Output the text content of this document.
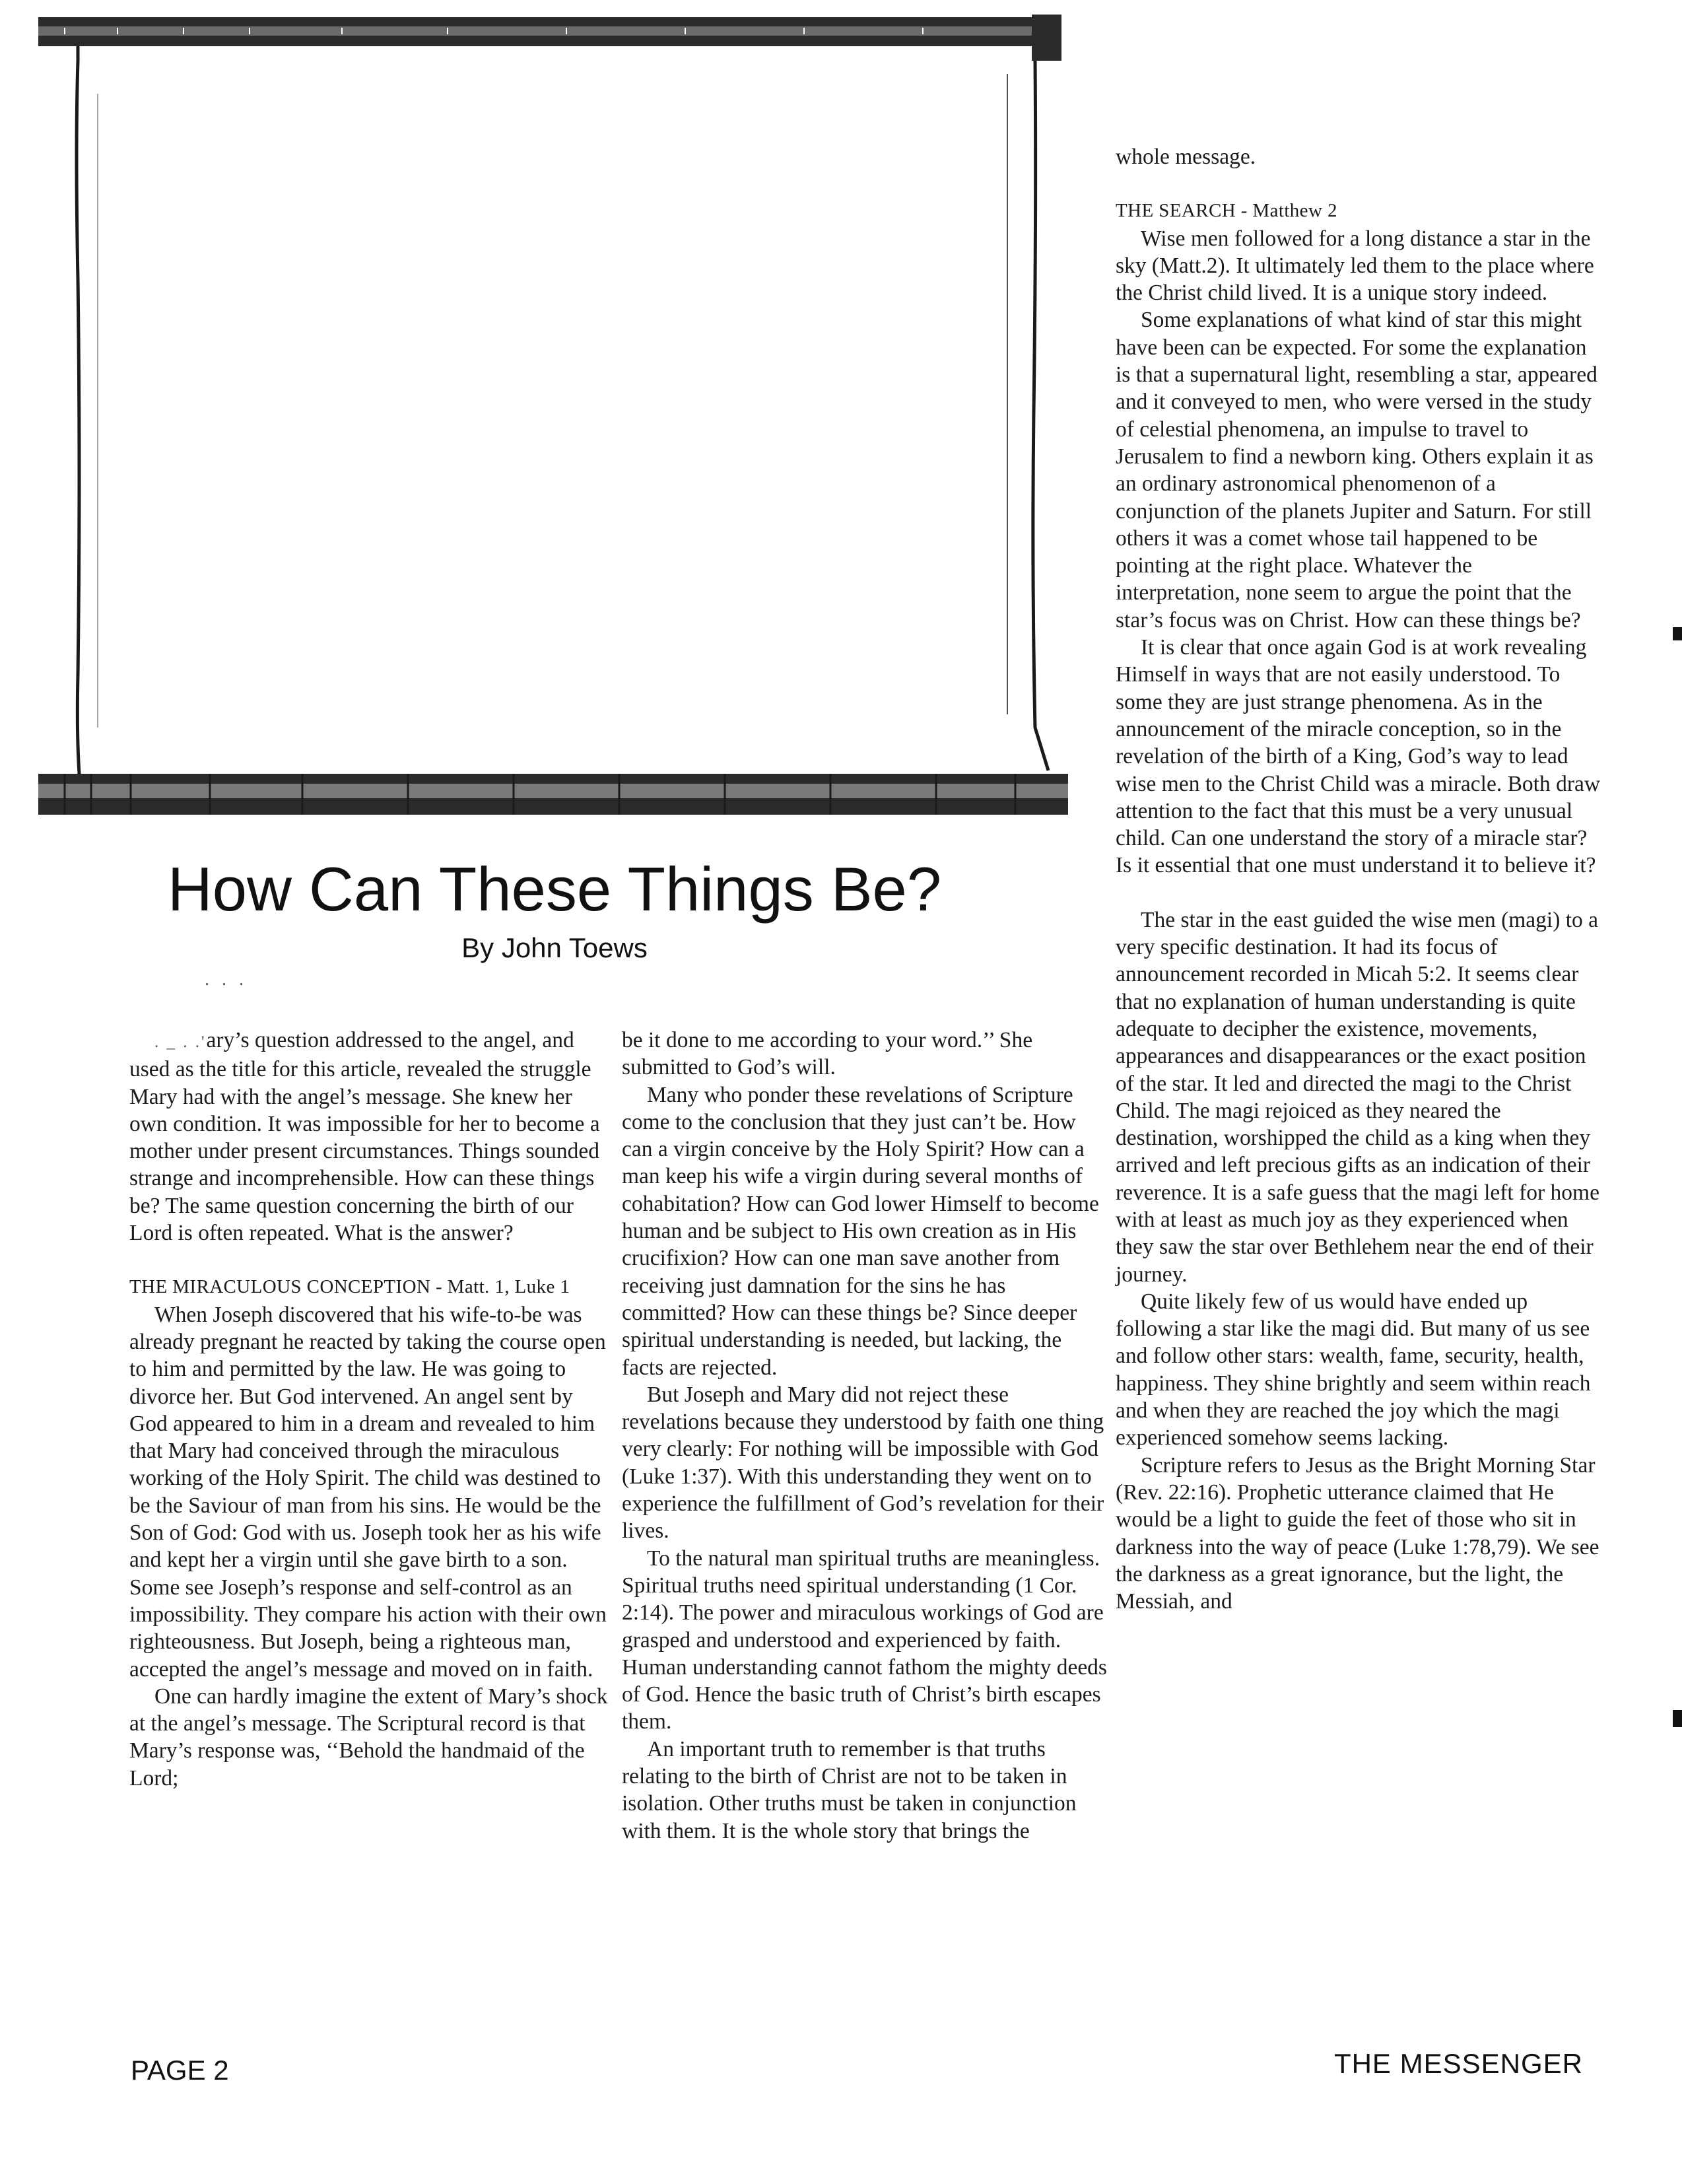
How Can These Things Be?
By John Toews
. . .

. _ . .'ary’s question addressed to the angel, and used as the title for this article, revealed the struggle Mary had with the angel’s message. She knew her own condition. It was impossible for her to become a mother under present circumstances. Things sounded strange and incomprehensible. How can these things be? The same question concerning the birth of our Lord is often repeated. What is the answer?

THE MIRACULOUS CONCEPTION - Matt. 1, Luke 1

When Joseph discovered that his wife-to-be was already pregnant he reacted by taking the course open to him and permitted by the law. He was going to divorce her. But God intervened. An angel sent by God appeared to him in a dream and revealed to him that Mary had conceived through the miraculous working of the Holy Spirit. The child was destined to be the Saviour of man from his sins. He would be the Son of God: God with us. Joseph took her as his wife and kept her a virgin until she gave birth to a son. Some see Joseph’s response and self-control as an impossibility. They compare his action with their own righteousness. But Joseph, being a righteous man, accepted the angel’s message and moved on in faith.

One can hardly imagine the extent of Mary’s shock at the angel’s message. The Scriptural record is that Mary’s response was, ‘‘Behold the handmaid of the Lord;

be it done to me according to your word.’’ She submitted to God’s will.

Many who ponder these revelations of Scripture come to the conclusion that they just can’t be. How can a virgin conceive by the Holy Spirit? How can a man keep his wife a virgin during several months of cohabitation? How can God lower Himself to become human and be subject to His own creation as in His crucifixion? How can one man save another from receiving just damnation for the sins he has committed? How can these things be? Since deeper spiritual understanding is needed, but lacking, the facts are rejected.

But Joseph and Mary did not reject these revelations because they understood by faith one thing very clearly: For nothing will be impossible with God (Luke 1:37). With this understanding they went on to experience the fulfillment of God’s revelation for their lives.

To the natural man spiritual truths are meaningless. Spiritual truths need spiritual understanding (1 Cor. 2:14). The power and miraculous workings of God are grasped and understood and experienced by faith. Human understanding cannot fathom the mighty deeds of God. Hence the basic truth of Christ’s birth escapes them.

An important truth to remember is that truths relating to the birth of Christ are not to be taken in isolation. Other truths must be taken in conjunction with them. It is the whole story that brings the

whole message.

THE SEARCH - Matthew 2

Wise men followed for a long distance a star in the sky (Matt.2). It ultimately led them to the place where the Christ child lived. It is a unique story indeed.

Some explanations of what kind of star this might have been can be expected. For some the explanation is that a supernatural light, resembling a star, appeared and it conveyed to men, who were versed in the study of celestial phenomena, an impulse to travel to Jerusalem to find a newborn king. Others explain it as an ordinary astronomical phenomenon of a conjunction of the planets Jupiter and Saturn. For still others it was a comet whose tail happened to be pointing at the right place. Whatever the interpretation, none seem to argue the point that the star’s focus was on Christ. How can these things be?

It is clear that once again God is at work revealing Himself in ways that are not easily understood. To some they are just strange phenomena. As in the announcement of the miracle conception, so in the revelation of the birth of a King, God’s way to lead wise men to the Christ Child was a miracle. Both draw attention to the fact that this must be a very unusual child. Can one understand the story of a miracle star? Is it essential that one must understand it to believe it?

The star in the east guided the wise men (magi) to a very specific destination. It had its focus of announcement recorded in Micah 5:2. It seems clear that no explanation of human understanding is quite adequate to decipher the existence, movements, appearances and disappearances or the exact position of the star. It led and directed the magi to the Christ Child. The magi rejoiced as they neared the destination, worshipped the child as a king when they arrived and left precious gifts as an indication of their reverence. It is a safe guess that the magi left for home with at least as much joy as they experienced when they saw the star over Bethlehem near the end of their journey.

Quite likely few of us would have ended up following a star like the magi did. But many of us see and follow other stars: wealth, fame, security, health, happiness. They shine brightly and seem within reach and when they are reached the joy which the magi experienced somehow seems lacking.

Scripture refers to Jesus as the Bright Morning Star (Rev. 22:16). Prophetic utterance claimed that He would be a light to guide the feet of those who sit in darkness into the way of peace (Luke 1:78,79). We see the darkness as a great ignorance, but the light, the Messiah, and

PAGE 2	THE MESSENGER
